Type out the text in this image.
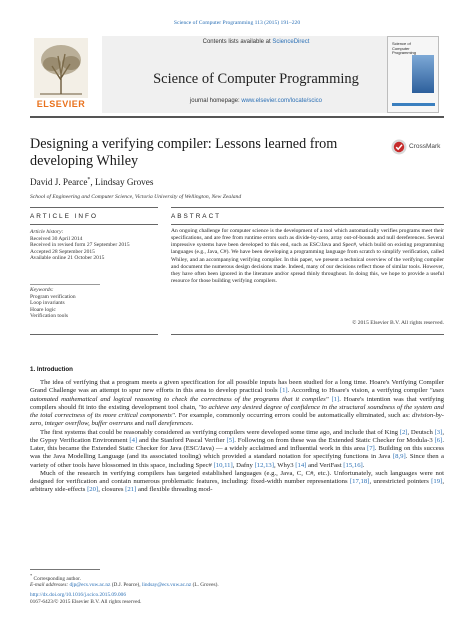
Science of Computer Programming 113 (2015) 191–220
ELSEVIER
Contents lists available at ScienceDirect
Science of Computer Programming
journal homepage: www.elsevier.com/locate/scico
Science of Computer Programming
Designing a verifying compiler: Lessons learned from developing Whiley
CrossMark
David J. Pearce*, Lindsay Groves
School of Engineering and Computer Science, Victoria University of Wellington, New Zealand
ARTICLE INFO	ABSTRACT
Article history:
Received 30 April 2014
Received in revised form 27 September 2015
Accepted 28 September 2015
Available online 21 October 2015
Keywords:
Program verification
Loop invariants
Hoare logic
Verification tools

An ongoing challenge for computer science is the development of a tool which automatically verifies programs meet their specifications, and are free from runtime errors such as divide-by-zero, array out-of-bounds and null dereferences. Several impressive systems have been developed to this end, such as ESC/Java and Spec#, which build on existing programming languages (e.g., Java, C#). We have been developing a programming language from scratch to simplify verification, called Whiley, and an accompanying verifying compiler. In this paper, we present a technical overview of the verifying compiler and document the numerous design decisions made. Indeed, many of our decisions reflect those of similar tools. However, they have often been ignored in the literature and/or spread thinly throughout. In doing this, we hope to provide a useful resource for those building verifying compilers.

© 2015 Elsevier B.V. All rights reserved.
1. Introduction

The idea of verifying that a program meets a given specification for all possible inputs has been studied for a long time. Hoare's Verifying Compiler Grand Challenge was an attempt to spur new efforts in this area to develop practical tools [1]. According to Hoare's vision, a verifying compiler "uses automated mathematical and logical reasoning to check the correctness of the programs that it compiles" [1]. Hoare's intention was that verifying compilers should fit into the existing development tool chain, "to achieve any desired degree of confidence in the structural soundness of the system and the total correctness of its more critical components". For example, commonly occurring errors could be automatically eliminated, such as: division-by-zero, integer overflow, buffer overruns and null dereferences.

The first systems that could be reasonably considered as verifying compilers were developed some time ago, and include that of King [2], Deutsch [3], the Gypsy Verification Environment [4] and the Stanford Pascal Verifier [5]. Following on from these was the Extended Static Checker for Modula-3 [6]. Later, this became the Extended Static Checker for Java (ESC/Java) — a widely acclaimed and influential work in this area [7]. Building on this success was the Java Modelling Language (and its associated tooling) which provided a standard notation for specifying functions in Java [8,9]. Since then a variety of other tools have blossomed in this space, including Spec# [10,11], Dafny [12,13], Why3 [14] and VeriFast [15,16].

Much of the research in verifying compilers has targeted established languages (e.g., Java, C, C#, etc.). Unfortunately, such languages were not designed for verification and contain numerous problematic features, including: fixed-width number representations [17,18], unrestricted pointers [19], arbitrary side-effects [20], closures [21] and flexible threading mod-

* Corresponding author.
E-mail addresses: djp@ecs.vuw.ac.nz (D.J. Pearce), lindsay@ecs.vuw.ac.nz (L. Groves).
http://dx.doi.org/10.1016/j.scico.2015.09.006
0167-6423/© 2015 Elsevier B.V. All rights reserved.
